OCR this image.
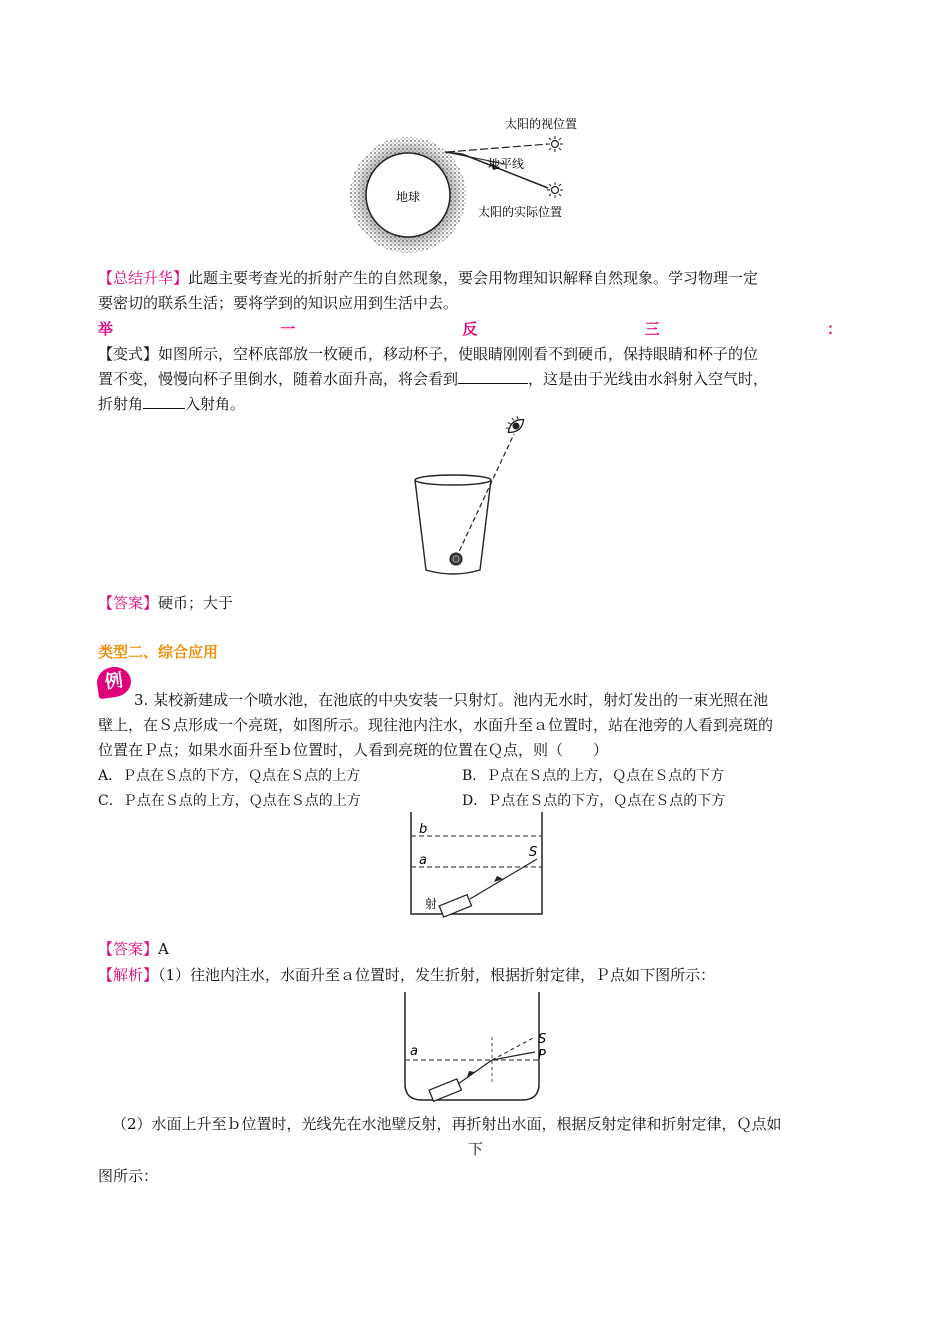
地球
太阳的视位置
地平线
太阳的实际位置
【总结升华】此题主要考查光的折射产生的自然现象，要会用物理知识解释自然现象。学习物理一定
要密切的联系生活；要将学到的知识应用到生活中去。
举	一	反	三	：
【变式】如图所示，空杯底部放一枚硬币，移动杯子，使眼睛刚刚看不到硬币，保持眼睛和杯子的位
置不变，慢慢向杯子里倒水，随着水面升高，将会看到	，这是由于光线由水斜射入空气时，
折射角	入射角。
【答案】硬币；大于
类型二、综合应用
例
3. 某校新建成一个喷水池，在池底的中央安装一只射灯。池内无水时，射灯发出的一束光照在池
壁上，在Ｓ点形成一个亮斑，如图所示。现往池内注水，水面升至ａ位置时，站在池旁的人看到亮斑的
位置在Ｐ点；如果水面升至ｂ位置时，人看到亮斑的位置在Ｑ点，则（　　）
A．Ｐ点在Ｓ点的下方，Ｑ点在Ｓ点的上方	B．Ｐ点在Ｓ点的上方，Ｑ点在Ｓ点的下方
C．Ｐ点在Ｓ点的上方，Ｑ点在Ｓ点的上方	D．Ｐ点在Ｓ点的下方，Ｑ点在Ｓ点的下方
b
a
S
射
【答案】A
【解析】（1）往池内注水，水面升至ａ位置时，发生折射，根据折射定律，Ｐ点如下图所示：
a
S
P
（2）水面上升至ｂ位置时，光线先在水池壁反射，再折射出水面，根据反射定律和折射定律，Ｑ点如
下
图所示：
